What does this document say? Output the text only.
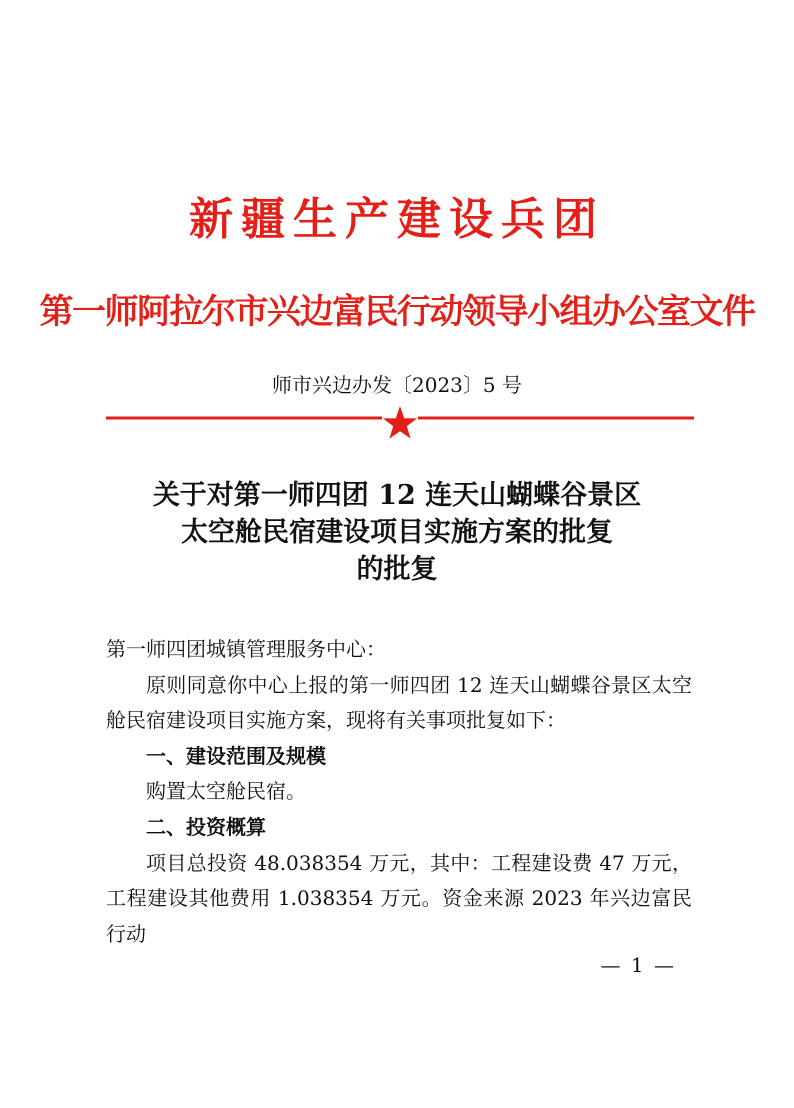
新疆生产建设兵团
第一师阿拉尔市兴边富民行动领导小组办公室文件
师市兴边办发〔2023〕5 号
关于对第一师四团 12 连天山蝴蝶谷景区
太空舱民宿建设项目实施方案的批复
的批复

第一师四团城镇管理服务中心：

原则同意你中心上报的第一师四团 12 连天山蝴蝶谷景区太空舱民宿建设项目实施方案，现将有关事项批复如下：

一、建设范围及规模

购置太空舱民宿。

二、投资概算

项目总投资 48.038354 万元，其中：工程建设费 47 万元，工程建设其他费用 1.038354 万元。资金来源 2023 年兴边富民行动

— 1 —
